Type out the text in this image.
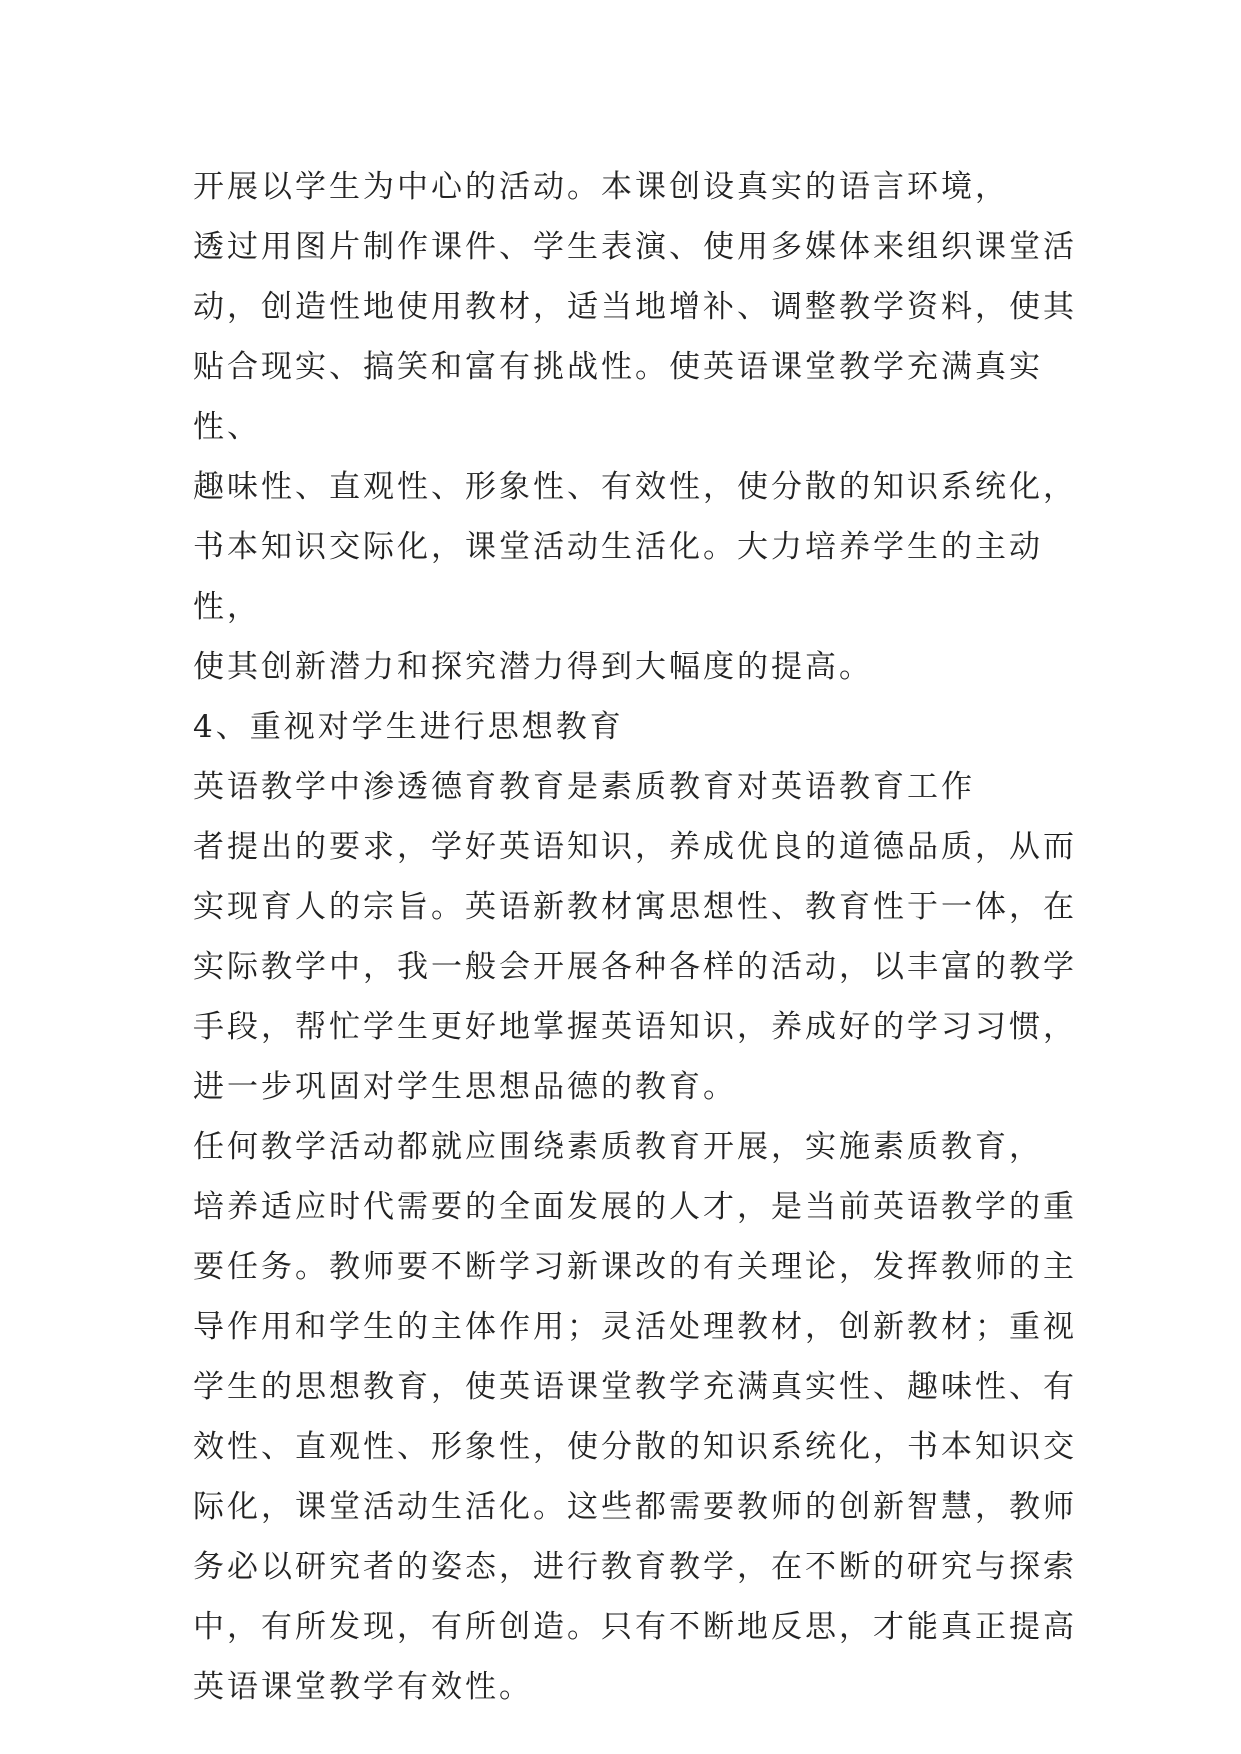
开展以学生为中心的活动。本课创设真实的语言环境，
透过用图片制作课件、学生表演、使用多媒体来组织课堂活
动，创造性地使用教材，适当地增补、调整教学资料，使其
贴合现实、搞笑和富有挑战性。使英语课堂教学充满真实性、
趣味性、直观性、形象性、有效性，使分散的知识系统化，
书本知识交际化，课堂活动生活化。大力培养学生的主动性，
使其创新潜力和探究潜力得到大幅度的提高。

4、重视对学生进行思想教育

英语教学中渗透德育教育是素质教育对英语教育工作
者提出的要求，学好英语知识，养成优良的道德品质，从而
实现育人的宗旨。英语新教材寓思想性、教育性于一体，在
实际教学中，我一般会开展各种各样的活动，以丰富的教学
手段，帮忙学生更好地掌握英语知识，养成好的学习习惯，
进一步巩固对学生思想品德的教育。

任何教学活动都就应围绕素质教育开展，实施素质教育，
培养适应时代需要的全面发展的人才，是当前英语教学的重
要任务。教师要不断学习新课改的有关理论，发挥教师的主
导作用和学生的主体作用；灵活处理教材，创新教材；重视
学生的思想教育，使英语课堂教学充满真实性、趣味性、有
效性、直观性、形象性，使分散的知识系统化，书本知识交
际化，课堂活动生活化。这些都需要教师的创新智慧，教师
务必以研究者的姿态，进行教育教学，在不断的研究与探索
中，有所发现，有所创造。只有不断地反思，才能真正提高
英语课堂教学有效性。
